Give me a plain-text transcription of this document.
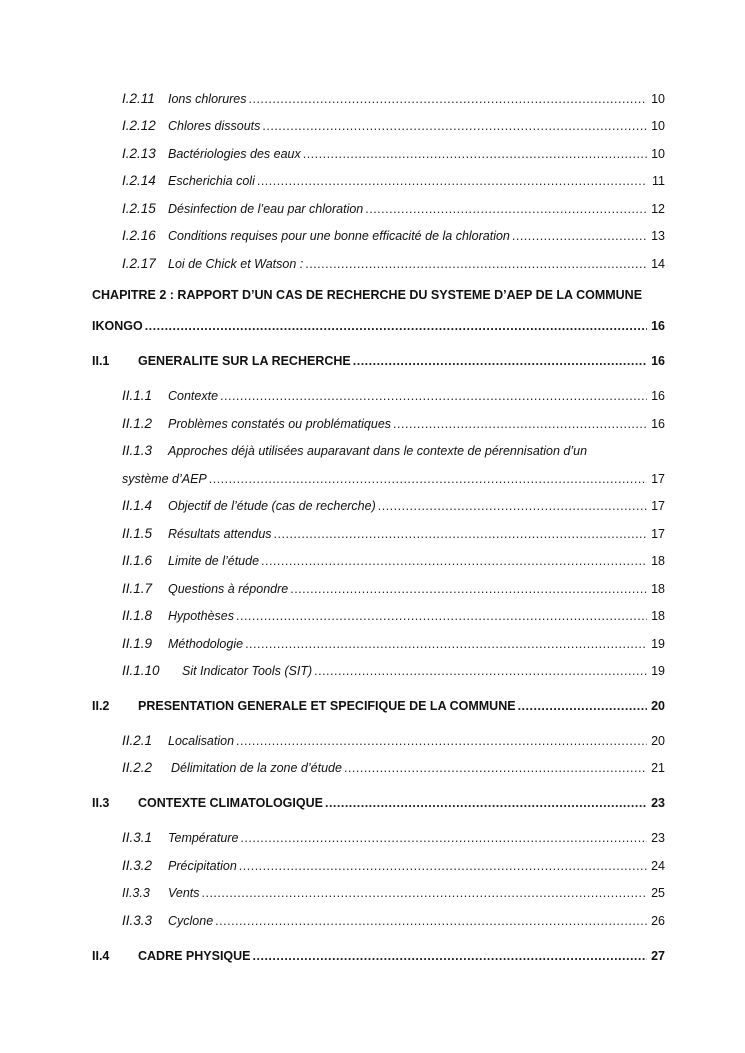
I.2.11	Ions chlorures .....	10
I.2.12 Chlores dissouts .....	10
I.2.13 Bactériologies des eaux .....	10
I.2.14 Escherichia coli .....	11
I.2.15 Désinfection de l’eau par chloration .....	12
I.2.16 Conditions requises pour une bonne efficacité de la chloration .....	13
I.2.17 Loi de Chick et Watson : .....	14
CHAPITRE 2 : RAPPORT D’UN CAS DE RECHERCHE DU SYSTEME D’AEP DE LA COMMUNE
IKONGO .....	16
II.1	GENERALITE SUR LA RECHERCHE .....	16
II.1.1	Contexte .....	16
II.1.2	Problèmes constatés ou problématiques .....	16
II.1.3	Approches déjà utilisées auparavant dans le contexte de pérennisation d’un
système d’AEP .....	17
II.1.4	Objectif de l’étude (cas de recherche) .....	17
II.1.5	Résultats attendus .....	17
II.1.6	Limite de l’étude .....	18
II.1.7	Questions à répondre .....	18
II.1.8	Hypothèses .....	18
II.1.9	Méthodologie .....	19
II.1.10	Sit Indicator Tools (SIT) .....	19
II.2	PRESENTATION GENERALE ET SPECIFIQUE DE LA COMMUNE .....	20
II.2.1	Localisation .....	20
II.2.2	Délimitation de la zone d’étude .....	21
II.3	CONTEXTE CLIMATOLOGIQUE .....	23
II.3.1	Température .....	23
II.3.2	Précipitation .....	24
II.3.3	Vents .....	25
II.3.3	Cyclone .....	26
II.4	CADRE PHYSIQUE .....	27
